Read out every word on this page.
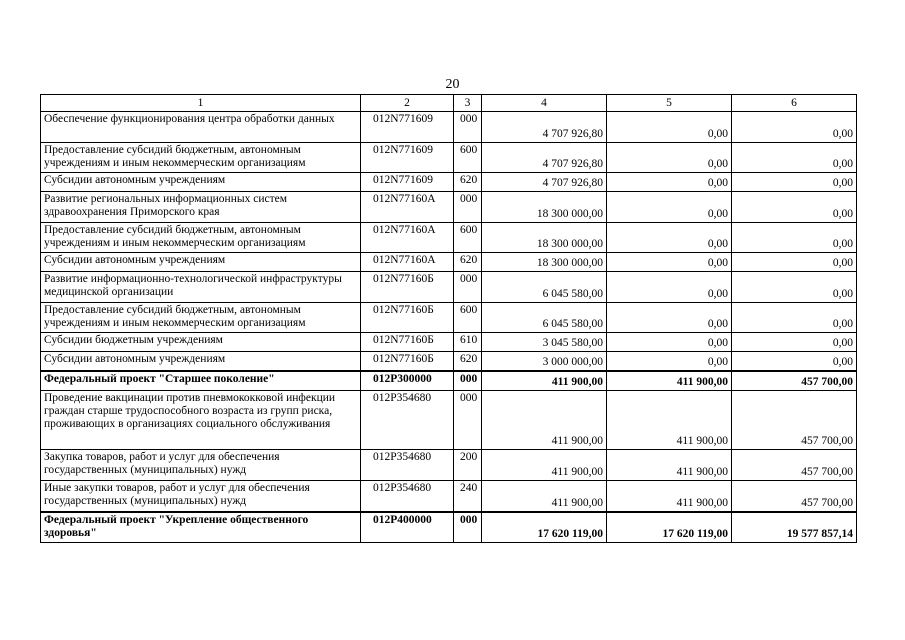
20
1	2	3	4	5	6
Обеспечение функционирования центра обработки данных	012N771609	000	4 707 926,80	0,00	0,00
Предоставление субсидий бюджетным, автономным учреждениям и иным некоммерческим организациям	012N771609	600	4 707 926,80	0,00	0,00
Субсидии автономным учреждениям	012N771609	620	4 707 926,80	0,00	0,00
Развитие региональных информационных систем здравоохранения Приморского края	012N77160A	000	18 300 000,00	0,00	0,00
Предоставление субсидий бюджетным, автономным учреждениям и иным некоммерческим организациям	012N77160A	600	18 300 000,00	0,00	0,00
Субсидии автономным учреждениям	012N77160A	620	18 300 000,00	0,00	0,00
Развитие информационно-технологической инфраструктуры медицинской организации	012N77160Б	000	6 045 580,00	0,00	0,00
Предоставление субсидий бюджетным, автономным учреждениям и иным некоммерческим организациям	012N77160Б	600	6 045 580,00	0,00	0,00
Субсидии бюджетным учреждениям	012N77160Б	610	3 045 580,00	0,00	0,00
Субсидии автономным учреждениям	012N77160Б	620	3 000 000,00	0,00	0,00
Федеральный проект "Старшее поколение"	012P300000	000	411 900,00	411 900,00	457 700,00
Проведение вакцинации против пневмококковой инфекции граждан старше трудоспособного возраста из групп риска, проживающих в организациях социального обслуживания	012P354680	000	411 900,00	411 900,00	457 700,00
Закупка товаров, работ и услуг для обеспечения государственных (муниципальных) нужд	012P354680	200	411 900,00	411 900,00	457 700,00
Иные закупки товаров, работ и услуг для обеспечения государственных (муниципальных) нужд	012P354680	240	411 900,00	411 900,00	457 700,00
Федеральный проект "Укрепление общественного здоровья"	012P400000	000	17 620 119,00	17 620 119,00	19 577 857,14
